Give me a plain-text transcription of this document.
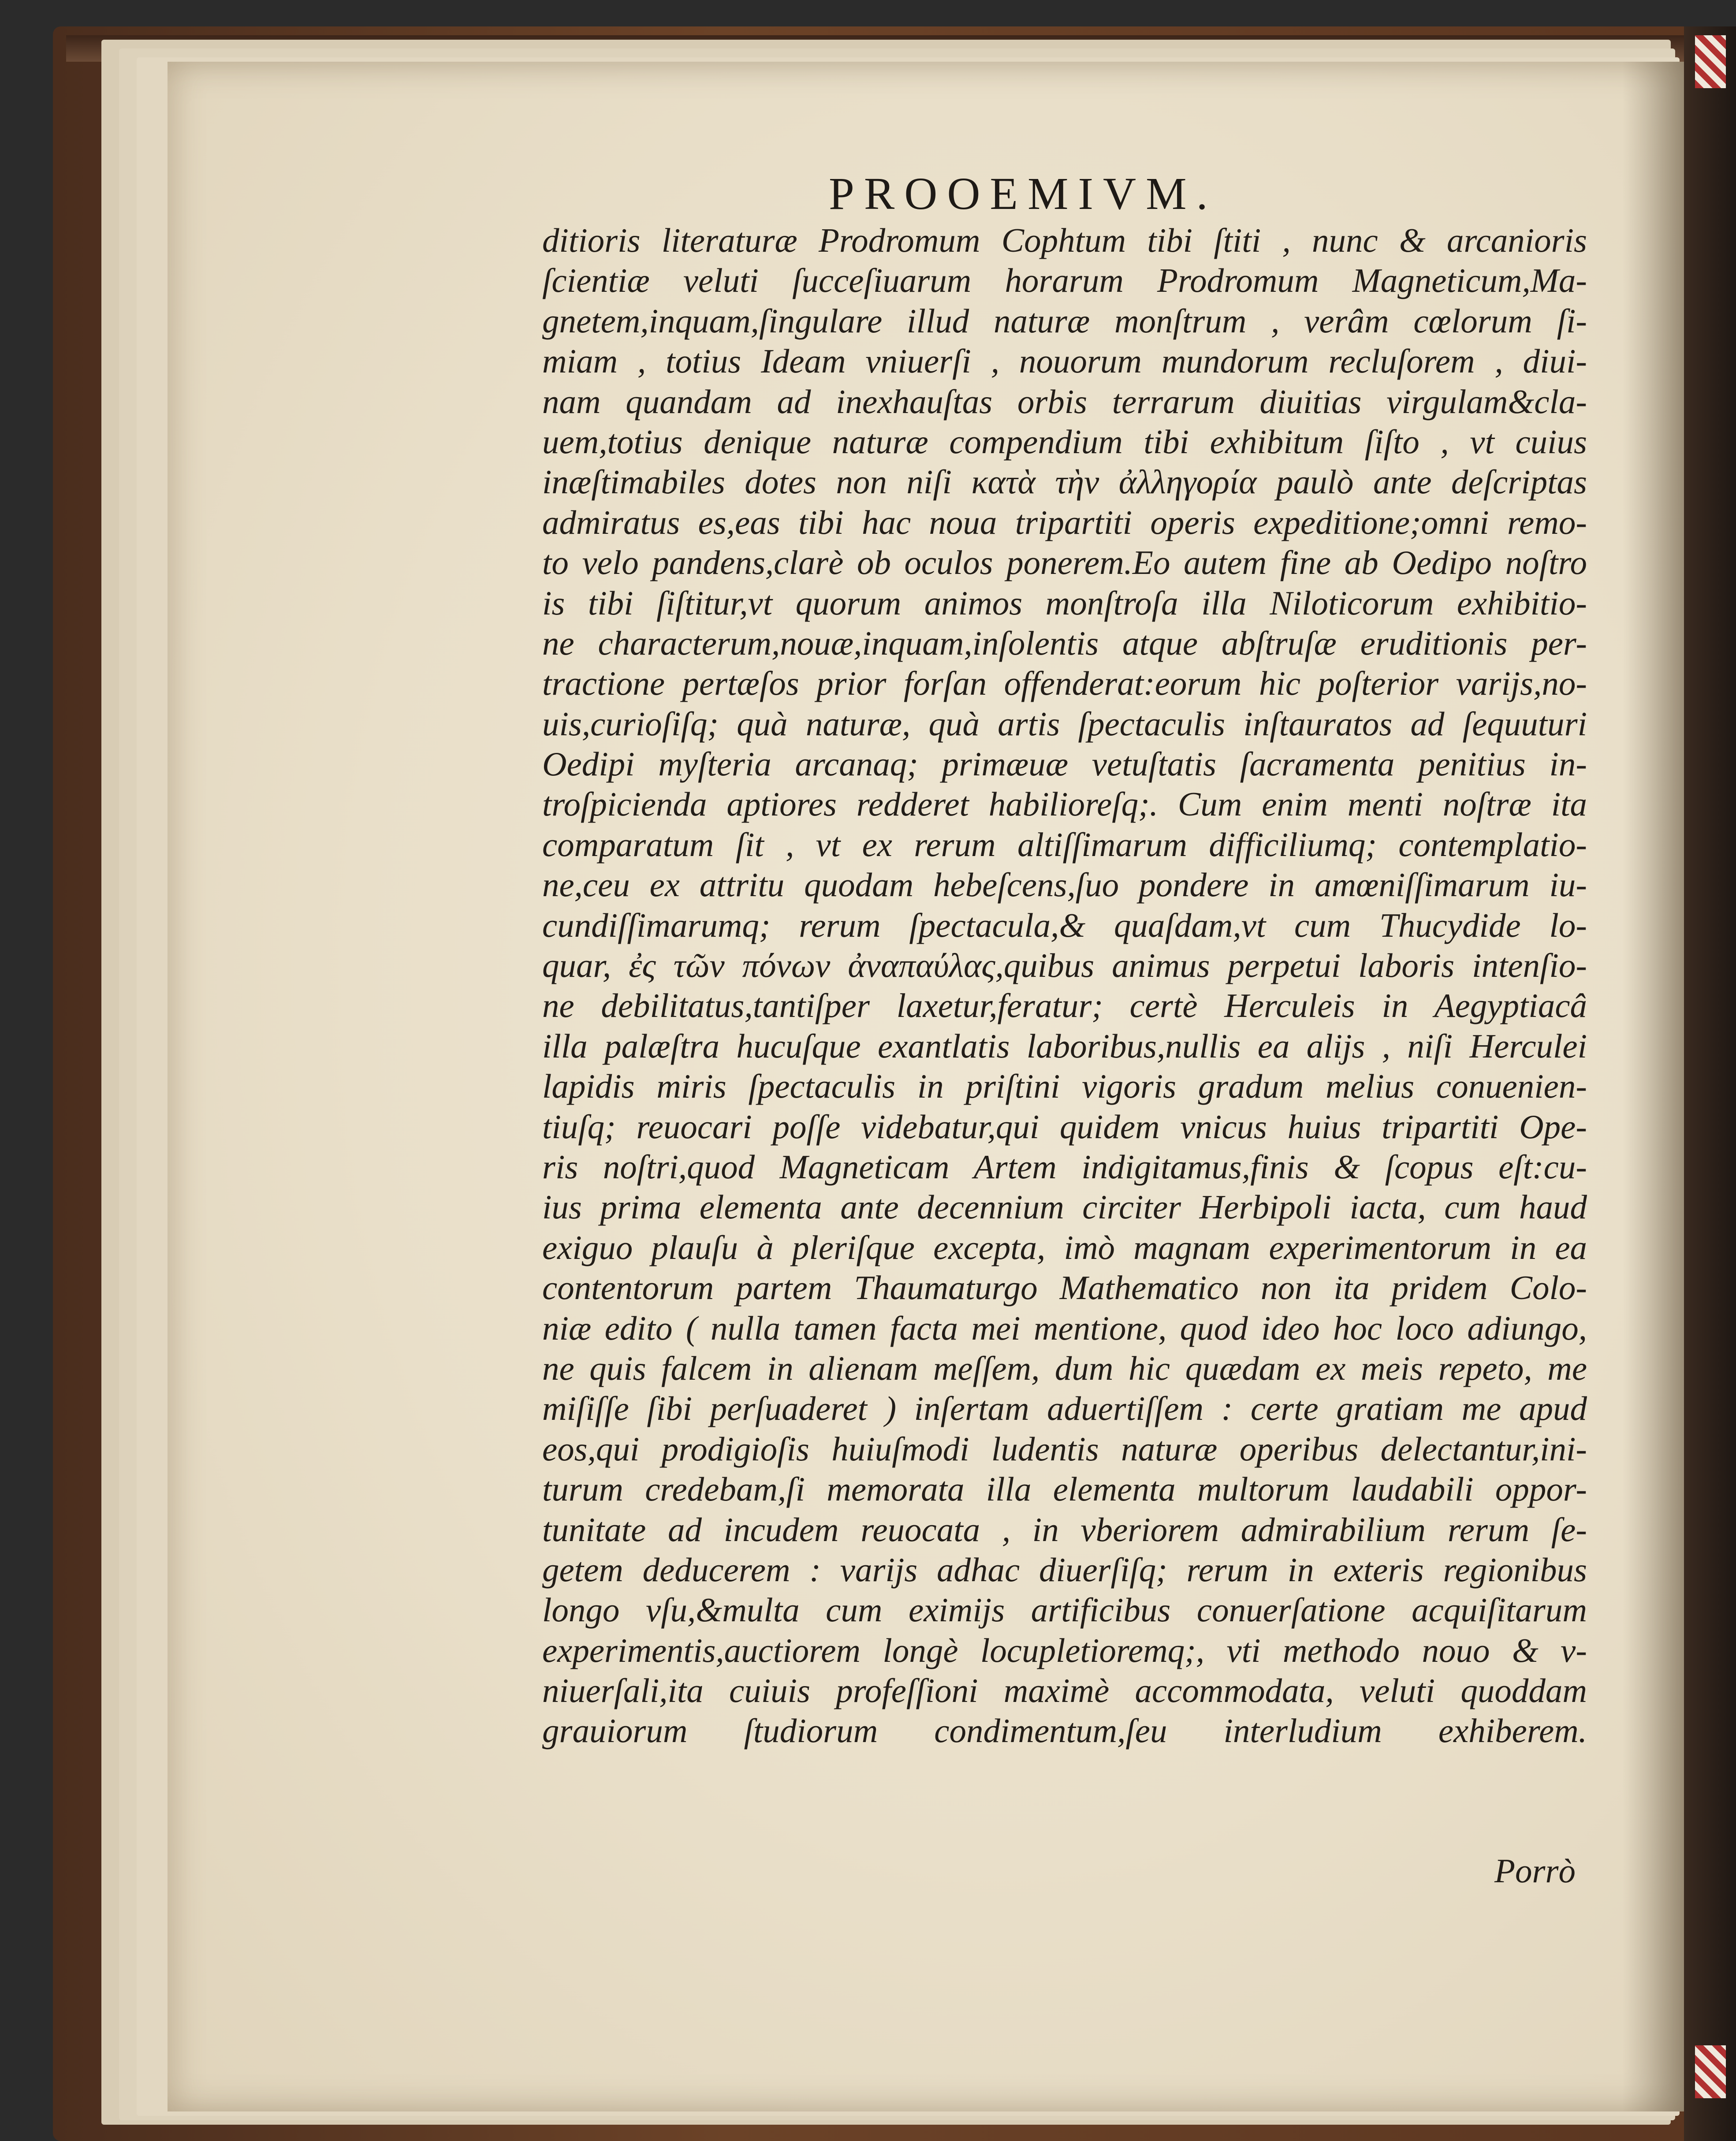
PROOEMIVM.
ditioris literaturæ Prodromum Cophtum tibi ſtiti , nunc & arcanioris
ſcientiæ veluti ſucceſiuarum horarum Prodromum Magneticum,Ma-
gnetem,inquam,ſingulare illud naturæ monſtrum , verâm cœlorum ſi-
miam , totius Ideam vniuerſi , nouorum mundorum recluſorem , diui-
nam quandam ad inexhauſtas orbis terrarum diuitias virgulam&cla-
uem,totius denique naturæ compendium tibi exhibitum ſiſto , vt cuius
inæſtimabiles dotes non niſi κατὰ τὴν ἀλληγορία paulò ante deſcriptas
admiratus es,eas tibi hac noua tripartiti operis expeditione;omni remo-
to velo pandens,clarè ob oculos ponerem.Eo autem fine ab Oedipo noſtro
is tibi ſiſtitur,vt quorum animos monſtroſa illa Niloticorum exhibitio-
ne characterum,nouæ,inquam,inſolentis atque abſtruſæ eruditionis per-
tractione pertæſos prior forſan offenderat:eorum hic poſterior varijs,no-
uis,curioſiſq; quà naturæ, quà artis ſpectaculis inſtauratos ad ſequuturi
Oedipi myſteria arcanaq; primæuæ vetuſtatis ſacramenta penitius in-
troſpicienda aptiores redderet habilioreſq;. Cum enim menti noſtræ ita
comparatum ſit , vt ex rerum altiſſimarum difficiliumq; contemplatio-
ne,ceu ex attritu quodam hebeſcens,ſuo pondere in amœniſſimarum iu-
cundiſſimarumq; rerum ſpectacula,& quaſdam,vt cum Thucydide lo-
quar, ἐς τῶν πόνων ἀναπαύλας,quibus animus perpetui laboris intenſio-
ne debilitatus,tantiſper laxetur,feratur; certè Herculeis in Aegyptiacâ
illa palæſtra hucuſque exantlatis laboribus,nullis ea alijs , niſi Herculei
lapidis miris ſpectaculis in priſtini vigoris gradum melius conuenien-
tiuſq; reuocari poſſe videbatur,qui quidem vnicus huius tripartiti Ope-
ris noſtri,quod Magneticam Artem indigitamus,finis & ſcopus eſt:cu-
ius prima elementa ante decennium circiter Herbipoli iacta, cum haud
exiguo plauſu à pleriſque excepta, imò magnam experimentorum in ea
contentorum partem Thaumaturgo Mathematico non ita pridem Colo-
niæ edito ( nulla tamen facta mei mentione, quod ideo hoc loco adiungo,
ne quis falcem in alienam meſſem, dum hic quædam ex meis repeto, me
miſiſſe ſibi perſuaderet ) inſertam aduertiſſem : certe gratiam me apud
eos,qui prodigioſis huiuſmodi ludentis naturæ operibus delectantur,ini-
turum credebam,ſi memorata illa elementa multorum laudabili oppor-
tunitate ad incudem reuocata , in vberiorem admirabilium rerum ſe-
getem deducerem : varijs adhac diuerſiſq; rerum in exteris regionibus
longo vſu,&multa cum eximijs artificibus conuerſatione acquiſitarum
experimentis,auctiorem longè locupletioremq;, vti methodo nouo & v-
niuerſali,ita cuiuis profeſſioni maximè accommodata, veluti quoddam
grauiorum ſtudiorum condimentum,ſeu interludium exhiberem.
Porrò
